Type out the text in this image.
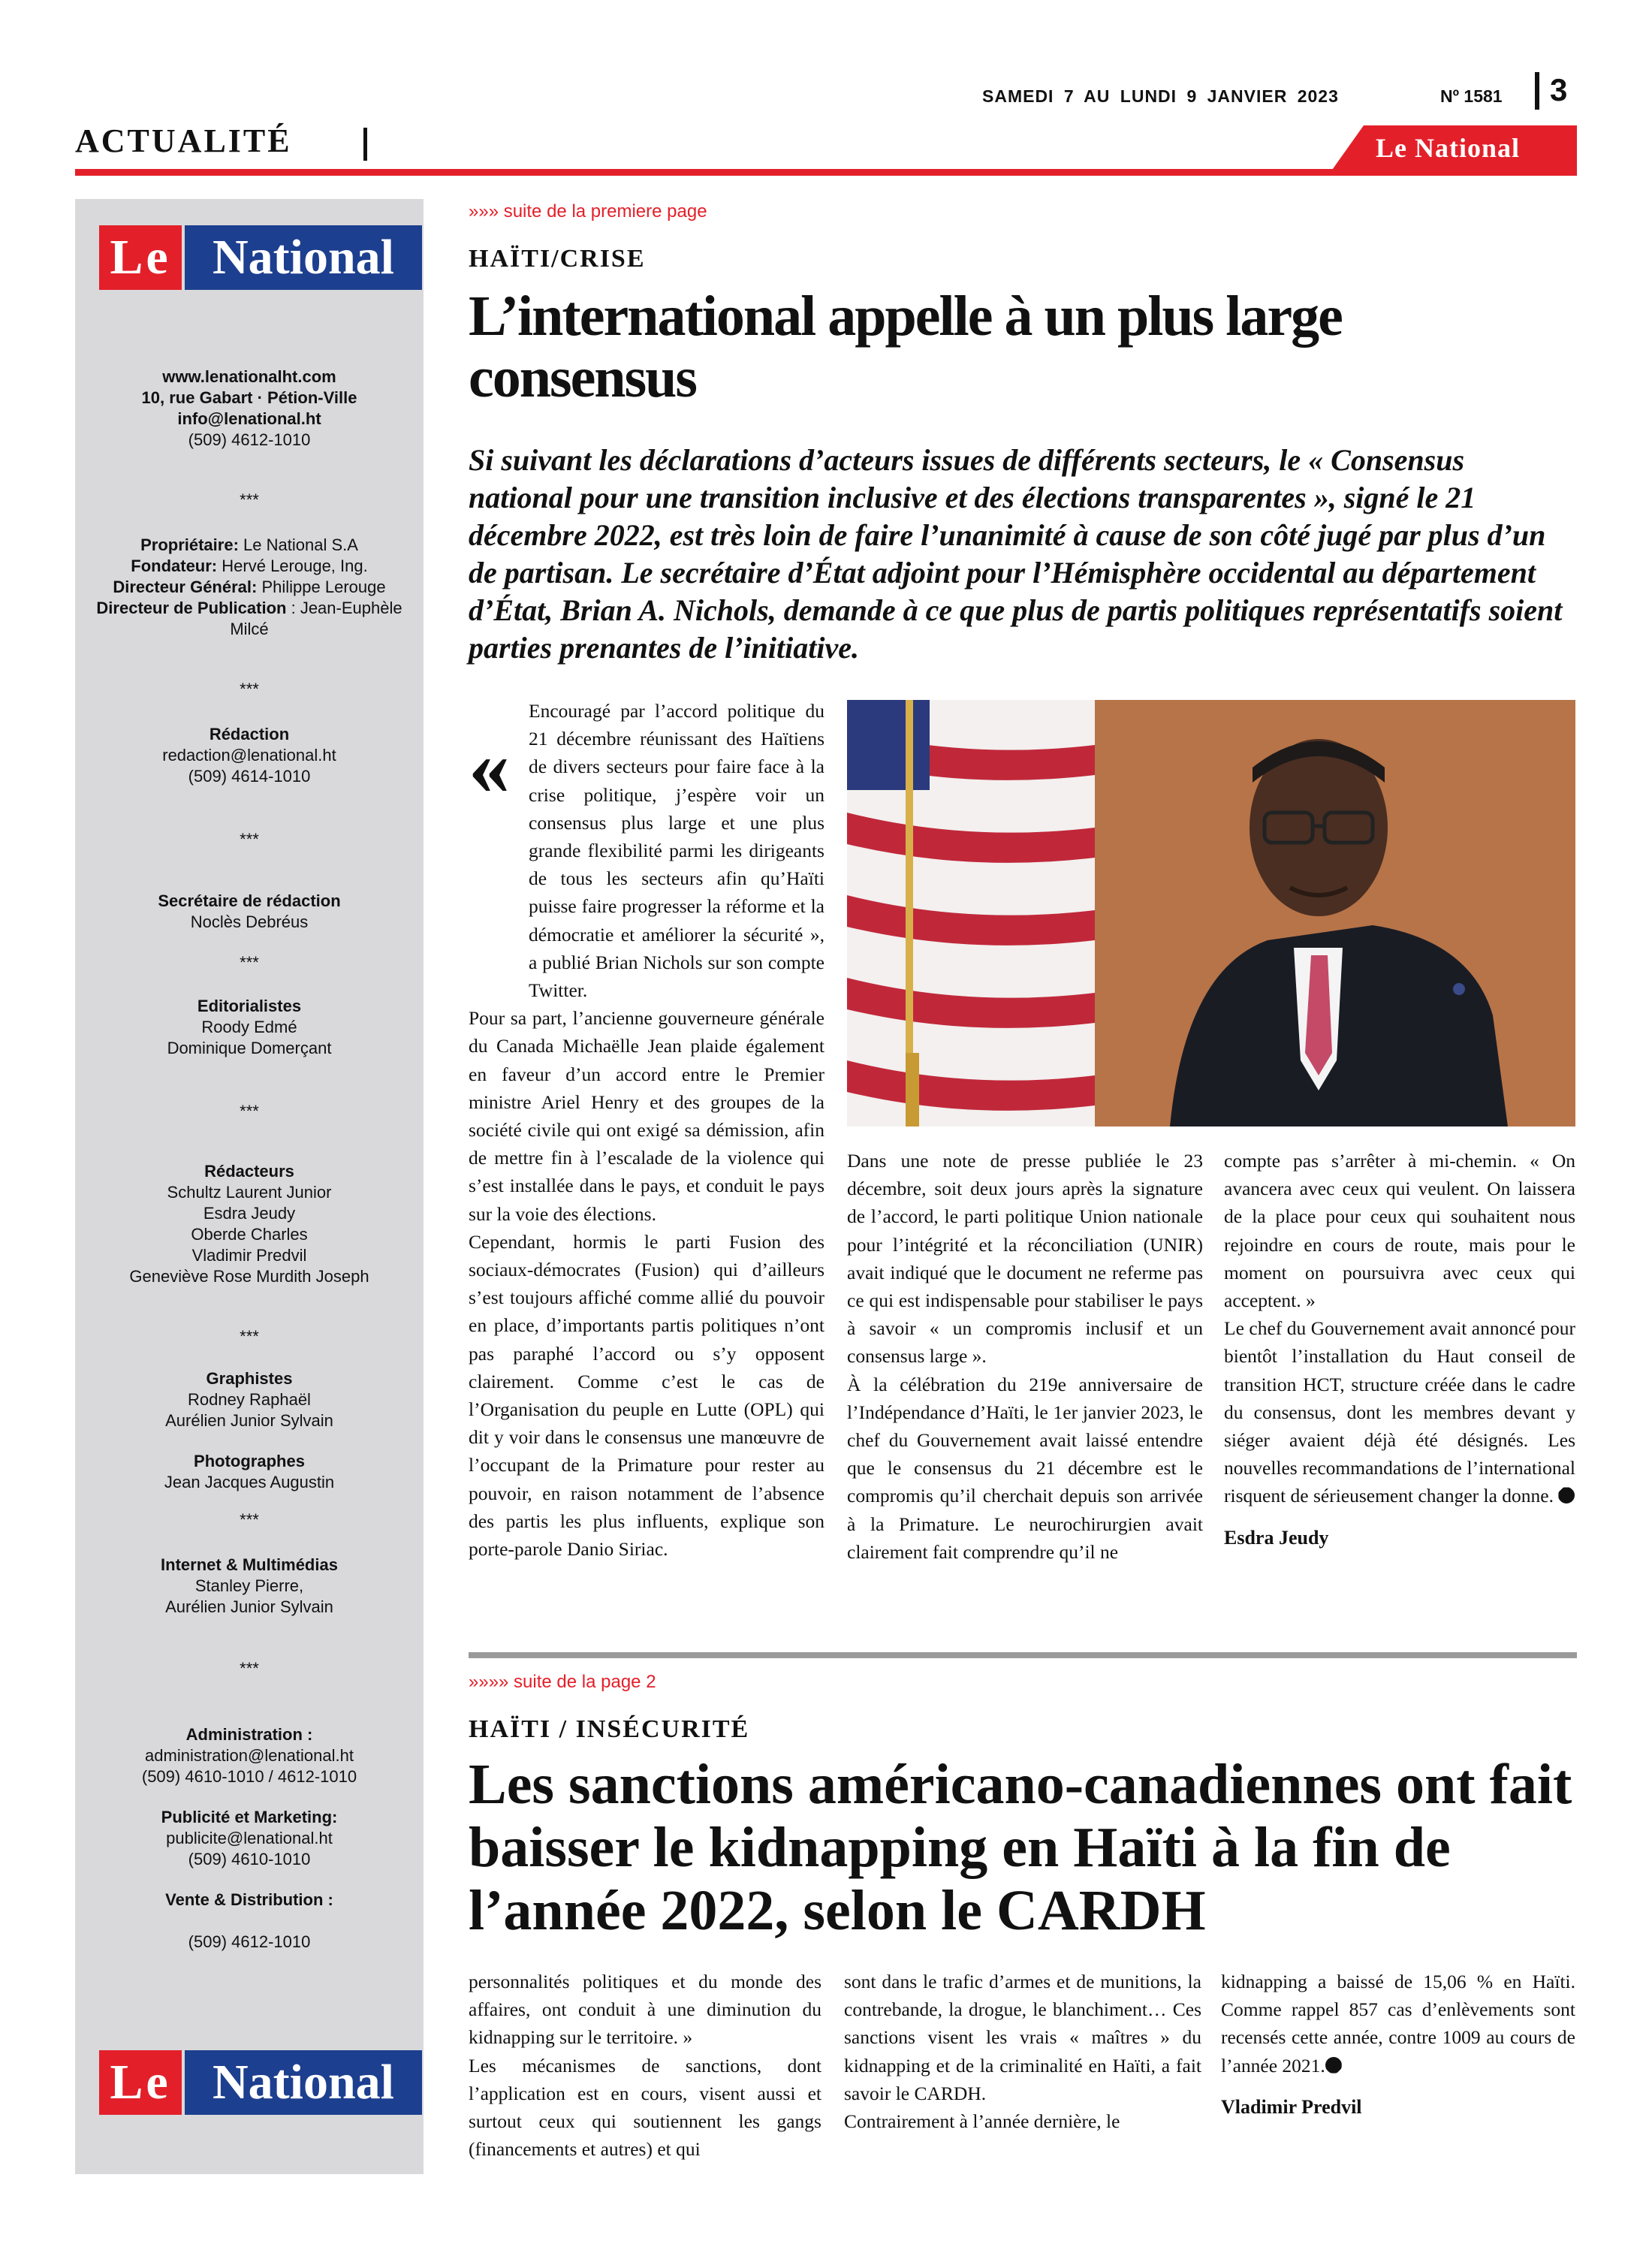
SAMEDI 7 AU LUNDI 9 JANVIER 2023	Nº 1581 3
ACTUALITÉ	Le National
Le National
www.lenationalht.com
10, rue Gabart · Pétion-Ville
info@lenational.ht
(509) 4612-1010
***
Propriétaire: Le National S.A
Fondateur: Hervé Lerouge, Ing.
Directeur Général: Philippe Lerouge
Directeur de Publication : Jean-Euphèle Milcé
***
Rédaction
redaction@lenational.ht
(509) 4614-1010
***
Secrétaire de rédaction
Noclès Debréus
***
Editorialistes
Roody Edmé
Dominique Domerçant
***
Rédacteurs
Schultz Laurent Junior
Esdra Jeudy
Oberde Charles
Vladimir Predvil
Geneviève Rose Murdith Joseph
***
Graphistes
Rodney Raphaël
Aurélien Junior Sylvain
Photographes
Jean Jacques Augustin
***
Internet & Multimédias
Stanley Pierre,
Aurélien Junior Sylvain
***
Administration :
administration@lenational.ht
(509) 4610-1010 / 4612-1010
Publicité et Marketing:
publicite@lenational.ht
(509) 4610-1010
Vente & Distribution :
(509) 4612-1010
Le National
»»» suite de la premiere page
HAÏTI/CRISE
L’international appelle à un plus large consensus
Si suivant les déclarations d’acteurs issues de différents secteurs, le « Consensus national pour une transition inclusive et des élections transparentes », signé le 21 décembre 2022, est très loin de faire l’unanimité à cause de son côté jugé par plus d’un de partisan. Le secrétaire d’État adjoint pour l’Hémisphère occidental au département d’État, Brian A. Nichols, demande à ce que plus de partis politiques représentatifs soient parties prenantes de l’initiative.
«

Encouragé par l’accord politique du 21 décembre réunissant des Haïtiens de divers secteurs pour faire face à la crise politique, j’espère voir un consensus plus large et une plus grande flexibilité parmi les dirigeants de tous les secteurs afin qu’Haïti puisse faire progresser la réforme et la démocratie et améliorer la sécurité », a publié Brian Nichols sur son compte Twitter.

Pour sa part, l’ancienne gouverneure générale du Canada Michaëlle Jean plaide également en faveur d’un accord entre le Premier ministre Ariel Henry et des groupes de la société civile qui ont exigé sa démission, afin de mettre fin à l’escalade de la violence qui s’est installée dans le pays, et conduit le pays sur la voie des élections.

Cependant, hormis le parti Fusion des sociaux-démocrates (Fusion) qui d’ailleurs s’est toujours affiché comme allié du pouvoir en place, d’importants partis politiques n’ont pas paraphé l’accord ou s’y opposent clairement. Comme c’est le cas de l’Organisation du peuple en Lutte (OPL) qui dit y voir dans le consensus une manœuvre de l’occupant de la Primature pour rester au pouvoir, en raison notamment de l’absence des partis les plus influents, explique son porte-parole Danio Siriac.

Dans une note de presse publiée le 23 décembre, soit deux jours après la signature de l’accord, le parti politique Union nationale pour l’intégrité et la réconciliation (UNIR) avait indiqué que le document ne referme pas ce qui est indispensable pour stabiliser le pays à savoir « un compromis inclusif et un consensus large ».

À la célébration du 219e anniversaire de l’Indépendance d’Haïti, le 1er janvier 2023, le chef du Gouvernement avait laissé entendre que le consensus du 21 décembre est le compromis qu’il cherchait depuis son arrivée à la Primature. Le neurochirurgien avait clairement fait comprendre qu’il ne

compte pas s’arrêter à mi-chemin. « On avancera avec ceux qui veulent. On laissera de la place pour ceux qui souhaitent nous rejoindre en cours de route, mais pour le moment on poursuivra avec ceux qui acceptent. »

Le chef du Gouvernement avait annoncé pour bientôt l’installation du Haut conseil de transition HCT, structure créée dans le cadre du consensus, dont les membres devant y siéger avaient déjà été désignés. Les nouvelles recommandations de l’international risquent de sérieusement changer la donne.

Esdra Jeudy

»»»» suite de la page 2
HAÏTI / INSÉCURITÉ
Les sanctions américano-canadiennes ont fait baisser le kidnapping en Haïti à la fin de l’année 2022, selon le CARDH

personnalités politiques et du monde des affaires, ont conduit à une diminution du kidnapping sur le territoire. »

Les mécanismes de sanctions, dont l’application est en cours, visent aussi et surtout ceux qui soutiennent les gangs (financements et autres) et qui

sont dans le trafic d’armes et de munitions, la contrebande, la drogue, le blanchiment… Ces sanctions visent les vrais « maîtres » du kidnapping et de la criminalité en Haïti, a fait savoir le CARDH.

Contrairement à l’année dernière, le

kidnapping a baissé de 15,06 % en Haïti. Comme rappel 857 cas d’enlèvements sont recensés cette année, contre 1009 au cours de l’année 2021.

Vladimir Predvil
